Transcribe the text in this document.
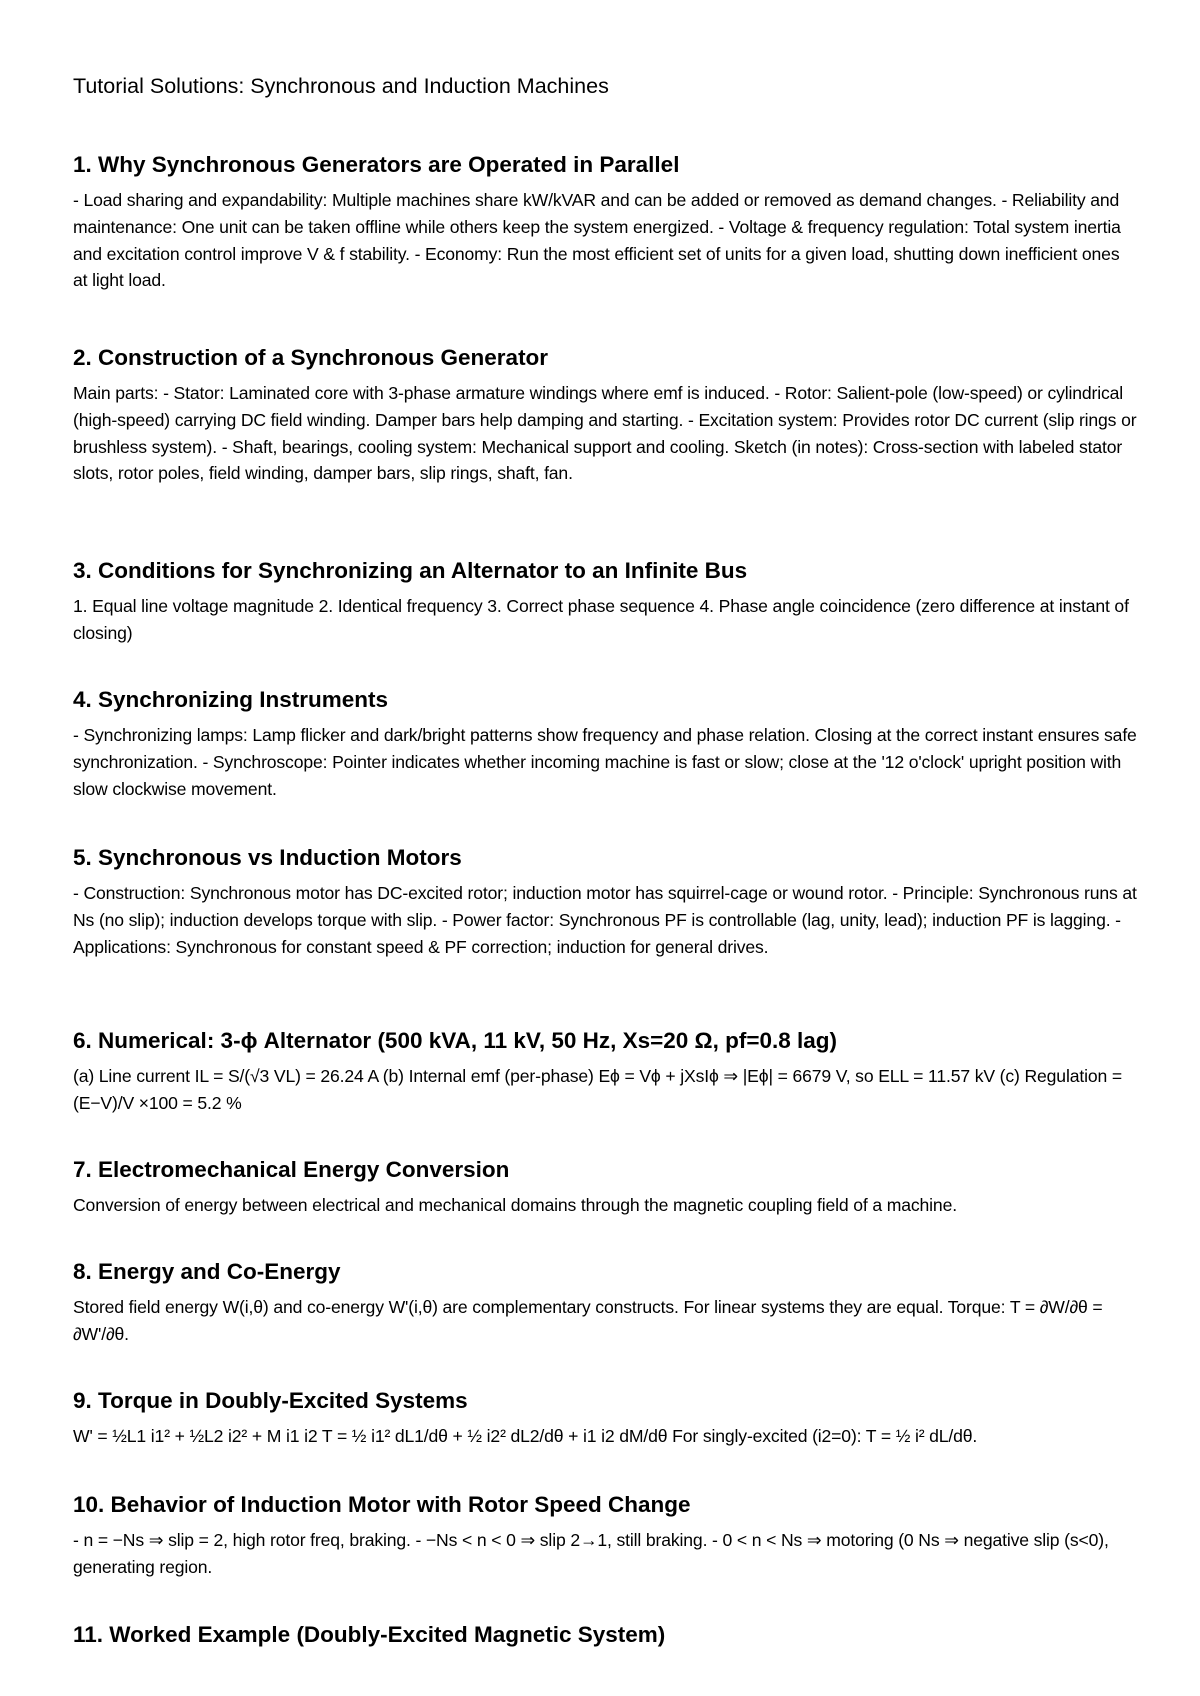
Tutorial Solutions: Synchronous and Induction Machines
1. Why Synchronous Generators are Operated in Parallel

- Load sharing and expandability: Multiple machines share kW/kVAR and can be added or removed as demand changes. - Reliability and maintenance: One unit can be taken offline while others keep the system energized. - Voltage & frequency regulation: Total system inertia and excitation control improve V & f stability. - Economy: Run the most efficient set of units for a given load, shutting down inefficient ones at light load.

2. Construction of a Synchronous Generator

Main parts: - Stator: Laminated core with 3-phase armature windings where emf is induced. - Rotor: Salient-pole (low-speed) or cylindrical (high-speed) carrying DC field winding. Damper bars help damping and starting. - Excitation system: Provides rotor DC current (slip rings or brushless system). - Shaft, bearings, cooling system: Mechanical support and cooling. Sketch (in notes): Cross-section with labeled stator slots, rotor poles, field winding, damper bars, slip rings, shaft, fan.

3. Conditions for Synchronizing an Alternator to an Infinite Bus

1. Equal line voltage magnitude 2. Identical frequency 3. Correct phase sequence 4. Phase angle coincidence (zero difference at instant of closing)

4. Synchronizing Instruments

- Synchronizing lamps: Lamp flicker and dark/bright patterns show frequency and phase relation. Closing at the correct instant ensures safe synchronization. - Synchroscope: Pointer indicates whether incoming machine is fast or slow; close at the '12 o'clock' upright position with slow clockwise movement.

5. Synchronous vs Induction Motors

- Construction: Synchronous motor has DC-excited rotor; induction motor has squirrel-cage or wound rotor. - Principle: Synchronous runs at Ns (no slip); induction develops torque with slip. - Power factor: Synchronous PF is controllable (lag, unity, lead); induction PF is lagging. - Applications: Synchronous for constant speed & PF correction; induction for general drives.

6. Numerical: 3-ϕ Alternator (500 kVA, 11 kV, 50 Hz, Xs=20 Ω, pf=0.8 lag)

(a) Line current IL = S/(√3 VL) = 26.24 A (b) Internal emf (per-phase) Eϕ = Vϕ + jXsIϕ ⇒ |Eϕ| = 6679 V, so ELL = 11.57 kV (c) Regulation = (E−V)/V ×100 = 5.2 %

7. Electromechanical Energy Conversion

Conversion of energy between electrical and mechanical domains through the magnetic coupling field of a machine.

8. Energy and Co-Energy

Stored field energy W(i,θ) and co-energy W'(i,θ) are complementary constructs. For linear systems they are equal. Torque: T = ∂W/∂θ = ∂W'/∂θ.

9. Torque in Doubly-Excited Systems

W' = ½L1 i1² + ½L2 i2² + M i1 i2 T = ½ i1² dL1/dθ + ½ i2² dL2/dθ + i1 i2 dM/dθ For singly-excited (i2=0): T = ½ i² dL/dθ.

10. Behavior of Induction Motor with Rotor Speed Change

- n = −Ns ⇒ slip = 2, high rotor freq, braking. - −Ns < n < 0 ⇒ slip 2→1, still braking. - 0 < n < Ns ⇒ motoring (0 Ns ⇒ negative slip (s<0), generating region.

11. Worked Example (Doubly-Excited Magnetic System)
